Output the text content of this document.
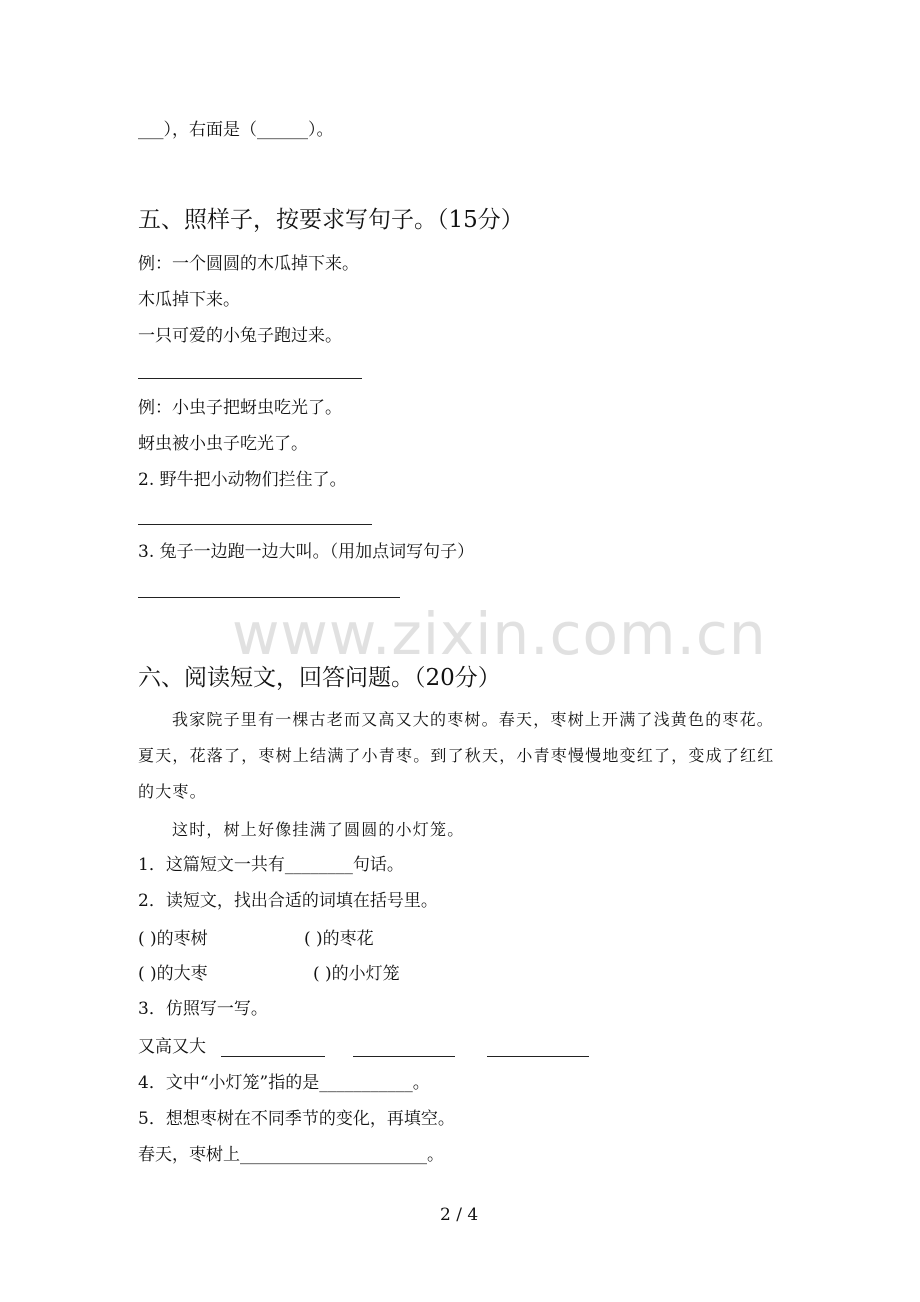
___），右面是（______）。
五、照样子，按要求写句子。（15分）
例：一个圆圆的木瓜掉下来。
木瓜掉下来。
一只可爱的小兔子跑过来。
例：小虫子把蚜虫吃光了。
蚜虫被小虫子吃光了。
2. 野牛把小动物们拦住了。
3. 兔子一边跑一边大叫。（用加点词写句子）
www.zixin.com.cn
六、阅读短文，回答问题。（20分）
我家院子里有一棵古老而又高又大的枣树。春天，枣树上开满了浅黄色的枣花。夏天，花落了，枣树上结满了小青枣。到了秋天，小青枣慢慢地变红了，变成了红红的大枣。
这时，树上好像挂满了圆圆的小灯笼。
1．这篇短文一共有________句话。
2．读短文，找出合适的词填在括号里。
( )的枣树	( )的枣花
( )的大枣	( )的小灯笼
3．仿照写一写。
又高又大
4．文中“小灯笼”指的是___________。
5．想想枣树在不同季节的变化，再填空。
春天，枣树上______________________。
2 / 4
